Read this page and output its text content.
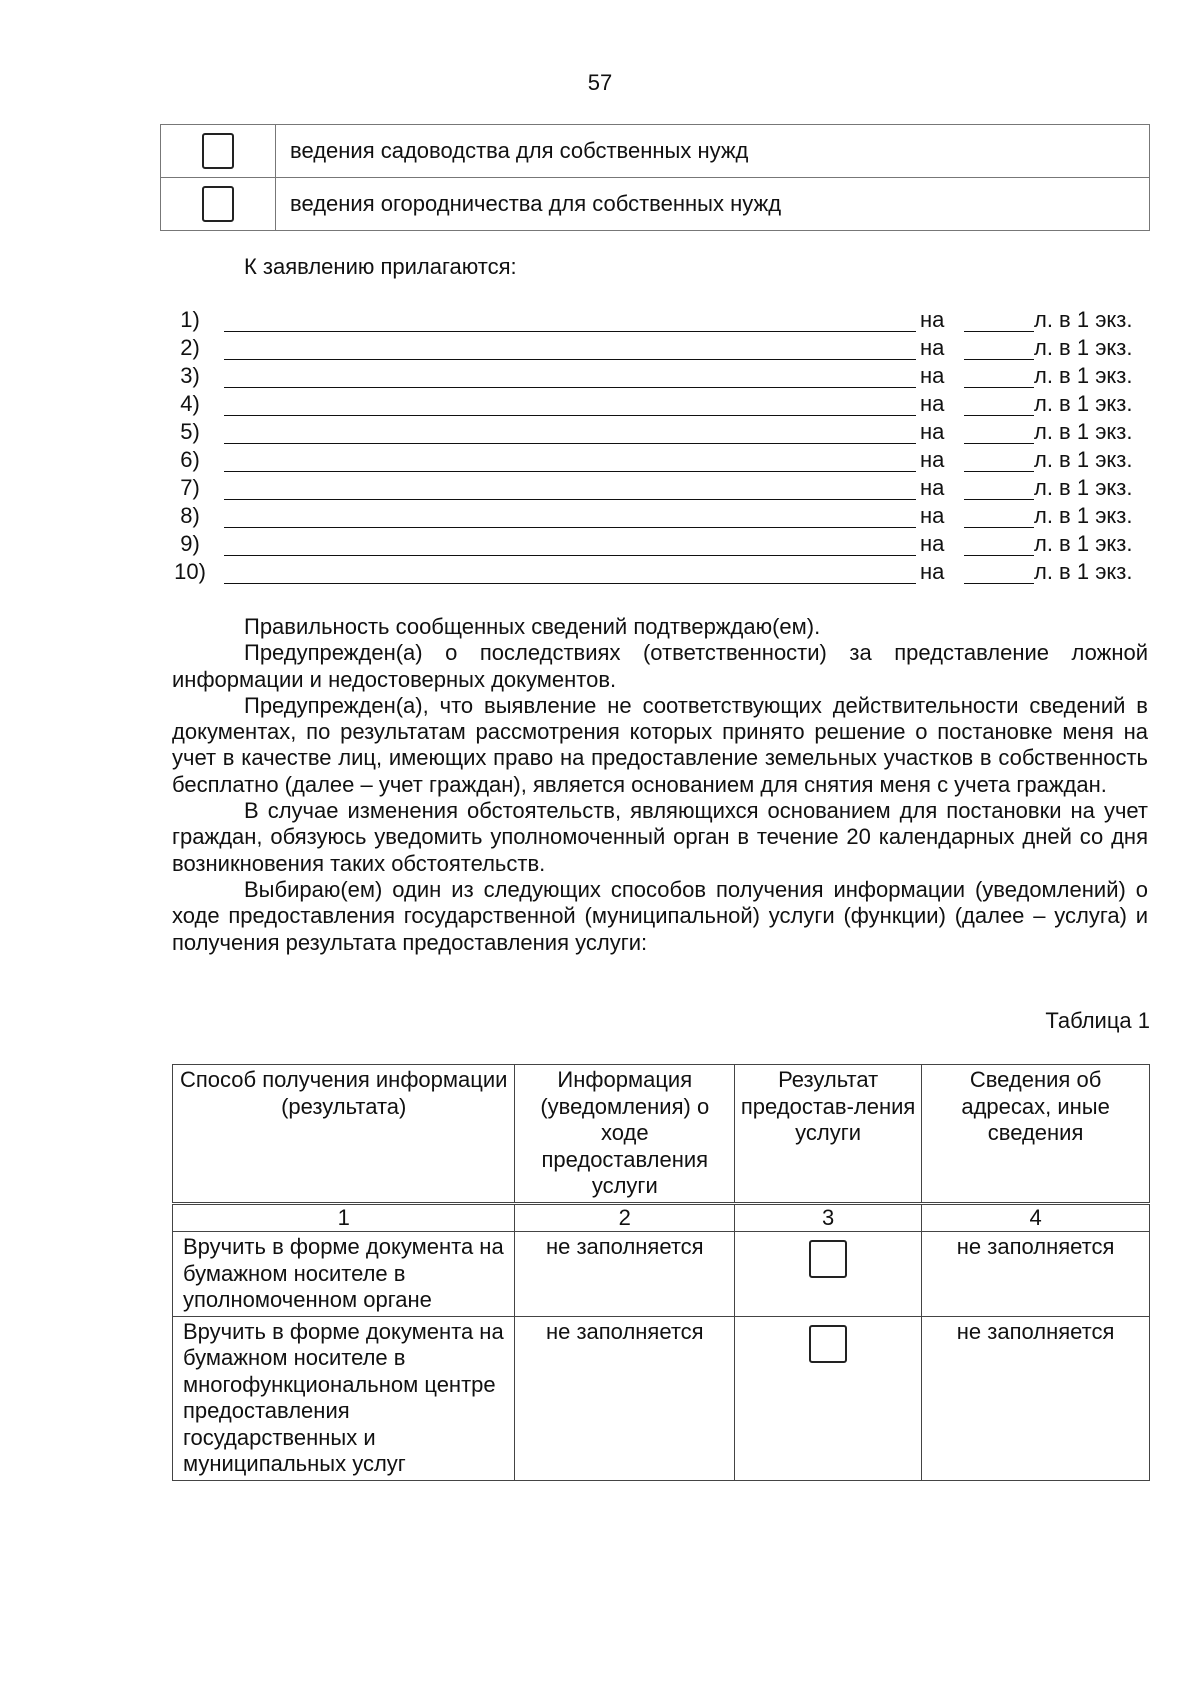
57
	ведения садоводства для собственных нужд
	ведения огородничества для собственных нужд
К заявлению прилагаются:
1)	на	л. в 1 экз.
2)	на	л. в 1 экз.
3)	на	л. в 1 экз.
4)	на	л. в 1 экз.
5)	на	л. в 1 экз.
6)	на	л. в 1 экз.
7)	на	л. в 1 экз.
8)	на	л. в 1 экз.
9)	на	л. в 1 экз.
10)	на	л. в 1 экз.

Правильность сообщенных сведений подтверждаю(ем).

Предупрежден(а) о последствиях (ответственности) за представление ложной информации и недостоверных документов.

Предупрежден(а), что выявление не соответствующих действительности сведений в документах, по результатам рассмотрения которых принято решение о постановке меня на учет в качестве лиц, имеющих право на предоставление земельных участков в собственность бесплатно (далее – учет граждан), является основанием для снятия меня с учета граждан.

В случае изменения обстоятельств, являющихся основанием для постановки на учет граждан, обязуюсь уведомить уполномоченный орган в течение 20 календарных дней со дня возникновения таких обстоятельств.

Выбираю(ем) один из следующих способов получения информации (уведомлений) о ходе предоставления государственной (муниципальной) услуги (функции) (далее – услуга) и получения результата предоставления услуги:

Таблица 1
Способ получения информации (результата)	Информация (уведомления) о ходе предоставления услуги	Результат предостав-ления услуги	Сведения об адресах, иные сведения
1	2	3	4
Вручить в форме документа на бумажном носителе в уполномоченном органе	не заполняется		не заполняется
Вручить в форме документа на бумажном носителе в многофункциональном центре предоставления государственных и муниципальных услуг	не заполняется		не заполняется
